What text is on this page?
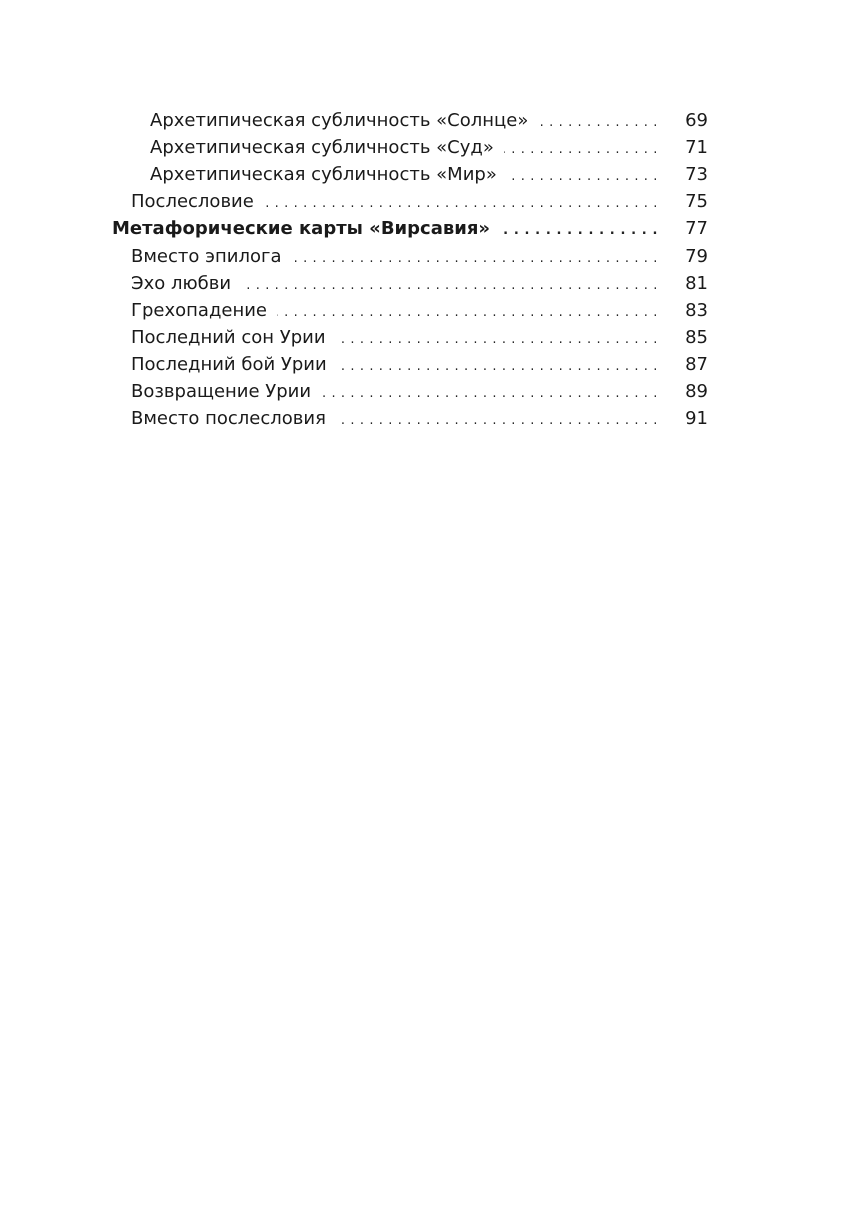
Архетипическая субличность «Солнце» . . .	69
Архетипическая субличность «Суд» . . .	71
Архетипическая субличность «Мир» . . .	73
Послесловие . . .	75
Метафорические карты «Вирсавия» . . .	77
Вместо эпилога . . .	79
Эхо любви . . .	81
Грехопадение . . .	83
Последний сон Урии . . .	85
Последний бой Урии . . .	87
Возвращение Урии . . .	89
Вместо послесловия . . .	91
